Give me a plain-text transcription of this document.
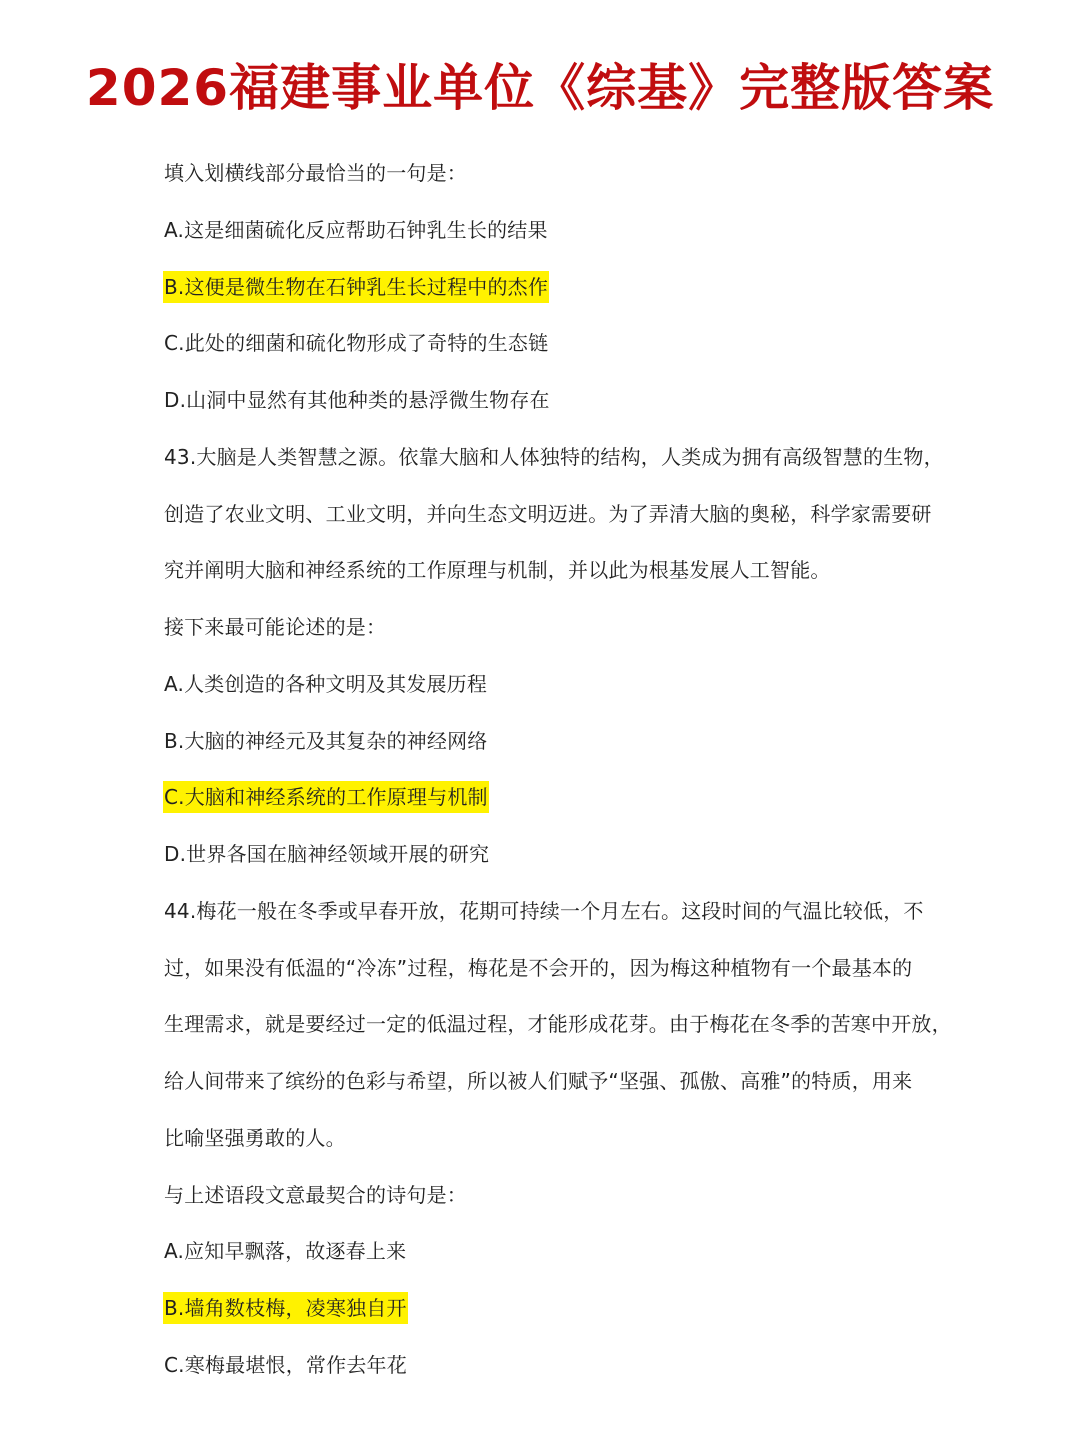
2026福建事业单位《综基》完整版答案
填入划横线部分最恰当的一句是：
A.这是细菌硫化反应帮助石钟乳生长的结果
B.这便是微生物在石钟乳生长过程中的杰作
C.此处的细菌和硫化物形成了奇特的生态链
D.山洞中显然有其他种类的悬浮微生物存在
43.大脑是人类智慧之源。依靠大脑和人体独特的结构，人类成为拥有高级智慧的生物，
创造了农业文明、工业文明，并向生态文明迈进。为了弄清大脑的奥秘，科学家需要研
究并阐明大脑和神经系统的工作原理与机制，并以此为根基发展人工智能。
接下来最可能论述的是：
A.人类创造的各种文明及其发展历程
B.大脑的神经元及其复杂的神经网络
C.大脑和神经系统的工作原理与机制
D.世界各国在脑神经领域开展的研究
44.梅花一般在冬季或早春开放，花期可持续一个月左右。这段时间的气温比较低，不
过，如果没有低温的“冷冻”过程，梅花是不会开的，因为梅这种植物有一个最基本的
生理需求，就是要经过一定的低温过程，才能形成花芽。由于梅花在冬季的苦寒中开放，
给人间带来了缤纷的色彩与希望，所以被人们赋予“坚强、孤傲、高雅”的特质，用来
比喻坚强勇敢的人。
与上述语段文意最契合的诗句是：
A.应知早飘落，故逐春上来
B.墙角数枝梅，凌寒独自开
C.寒梅最堪恨，常作去年花
